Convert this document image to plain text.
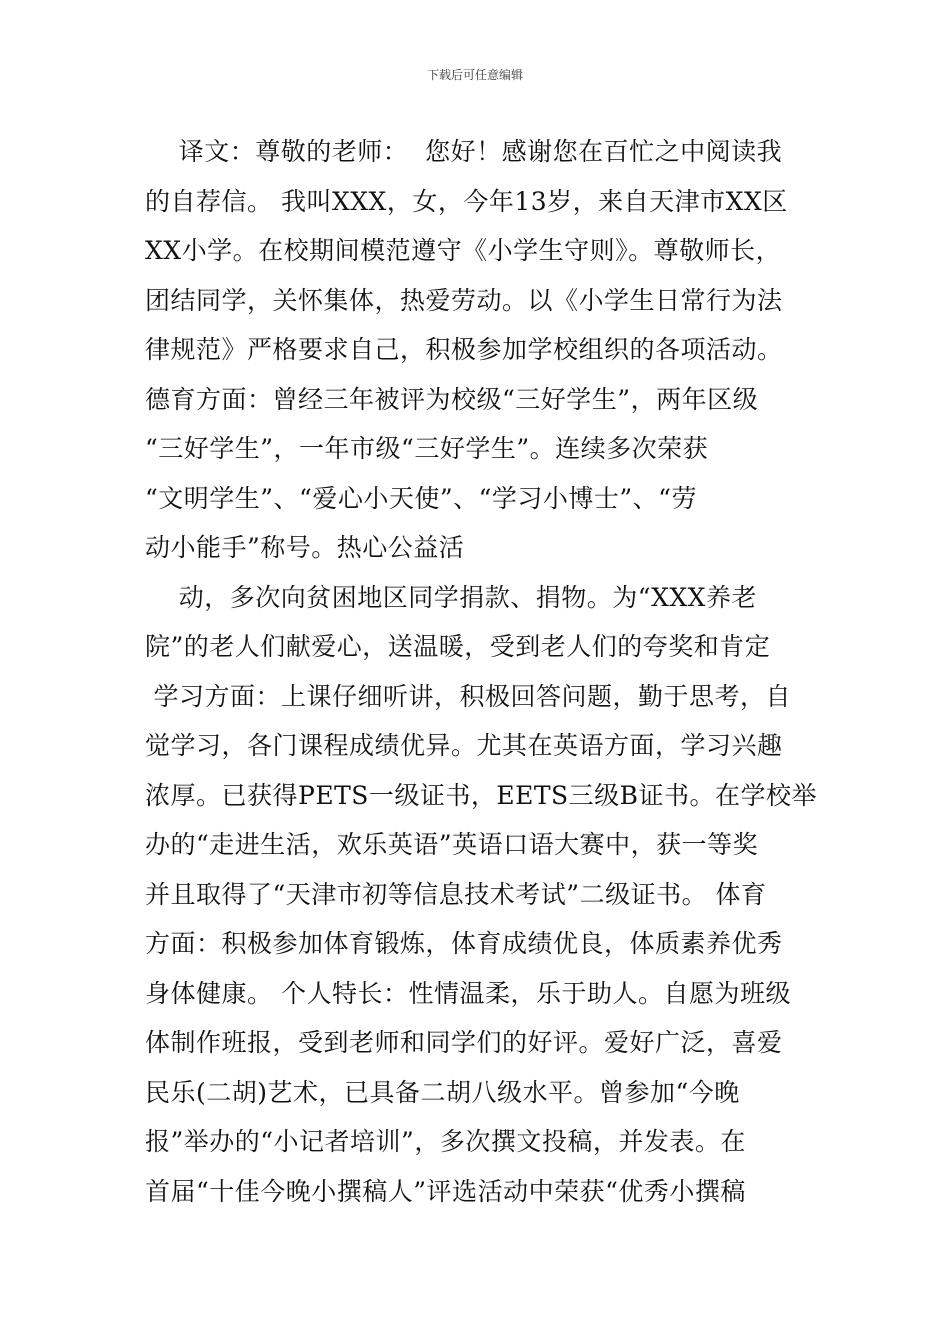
下载后可任意编辑
译文：尊敬的老师：  您好！感谢您在百忙之中阅读我
的自荐信。 我叫XXX，女，今年13岁，来自天津市XX区
XX小学。在校期间模范遵守《小学生守则》。尊敬师长，
团结同学，关怀集体，热爱劳动。以《小学生日常行为法
律规范》严格要求自己，积极参加学校组织的各项活动。
德育方面：曾经三年被评为校级“三好学生”，两年区级
“三好学生”，一年市级“三好学生”。连续多次荣获
“文明学生”、“爱心小天使”、“学习小博士”、“劳
动小能手”称号。热心公益活
动，多次向贫困地区同学捐款、捐物。为“XXX养老
院”的老人们献爱心，送温暖，受到老人们的夸奖和肯定
学习方面：上课仔细听讲，积极回答问题，勤于思考，自
觉学习，各门课程成绩优异。尤其在英语方面，学习兴趣
浓厚。已获得PETS一级证书，EETS三级B证书。在学校举
办的“走进生活，欢乐英语”英语口语大赛中，获一等奖
并且取得了“天津市初等信息技术考试”二级证书。 体育
方面：积极参加体育锻炼，体育成绩优良，体质素养优秀
身体健康。 个人特长：性情温柔，乐于助人。自愿为班级
体制作班报，受到老师和同学们的好评。爱好广泛，喜爱
民乐(二胡)艺术，已具备二胡八级水平。曾参加“今晚
报”举办的“小记者培训”，多次撰文投稿，并发表。在
首届“十佳今晚小撰稿人”评选活动中荣获“优秀小撰稿
